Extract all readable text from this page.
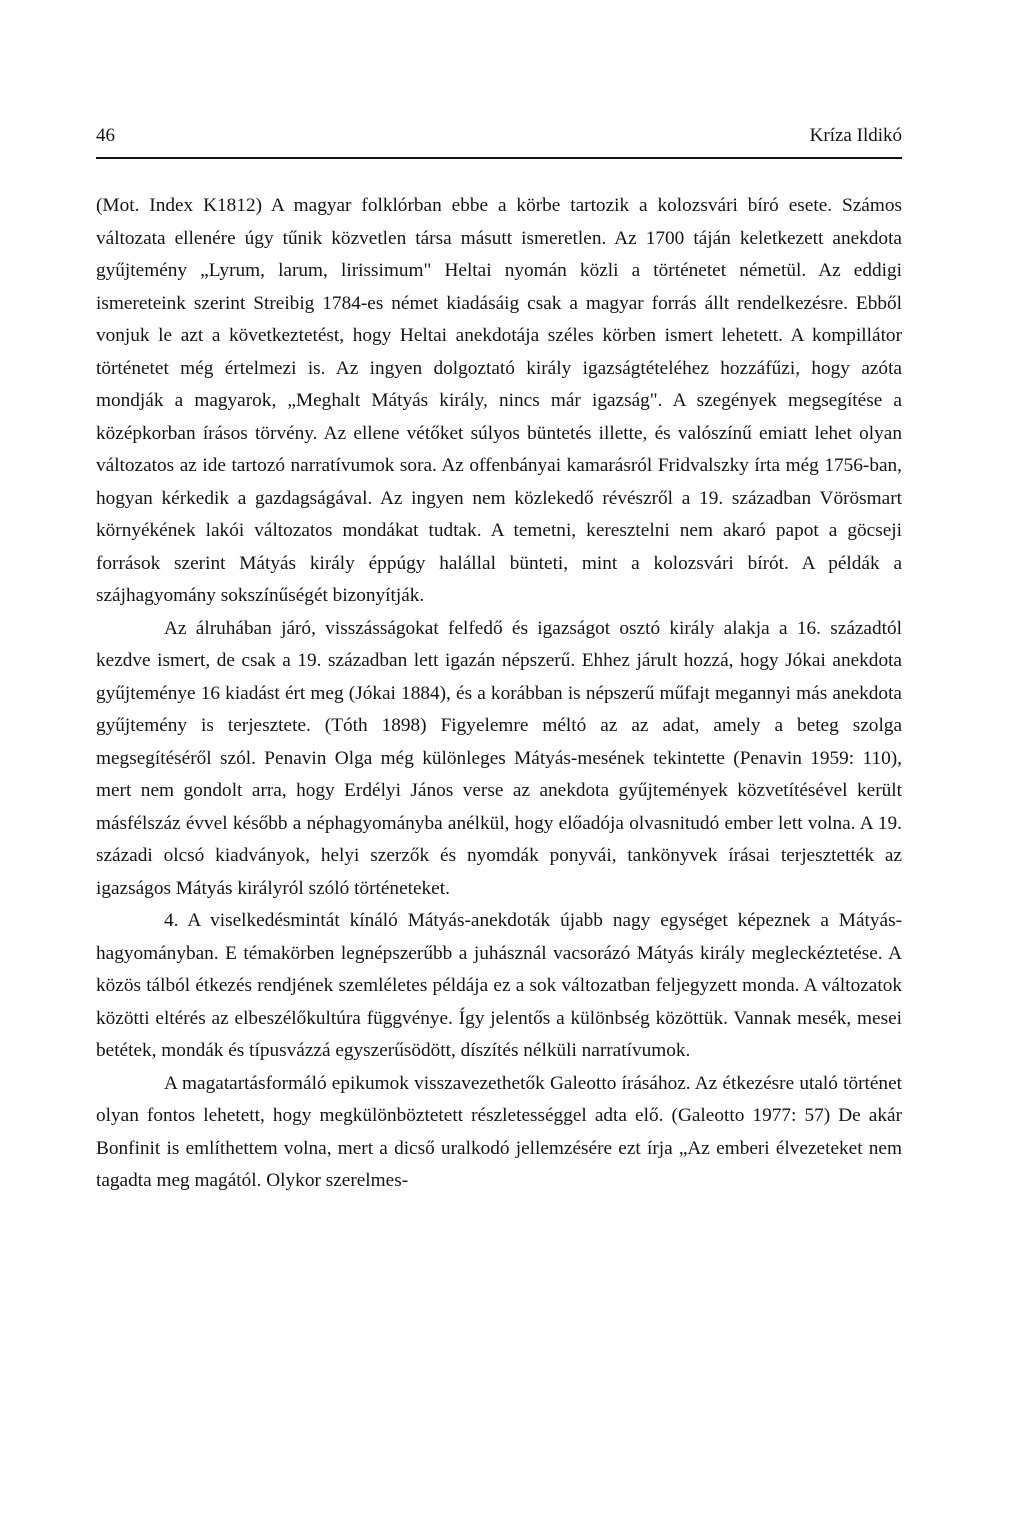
46	Kríza Ildikó

(Mot. Index K1812) A magyar folklórban ebbe a körbe tartozik a kolozsvári bíró esete. Számos változata ellenére úgy tűnik közvetlen társa másutt ismeretlen. Az 1700 táján keletkezett anekdota gyűjtemény „Lyrum, larum, lirissimum" Heltai nyomán közli a történetet németül. Az eddigi ismereteink szerint Streibig 1784-es német kiadásáig csak a magyar forrás állt rendelkezésre. Ebből vonjuk le azt a következtetést, hogy Heltai anekdotája széles körben ismert lehetett. A kompillátor történetet még értelmezi is. Az ingyen dolgoztató király igazságtételéhez hozzáfűzi, hogy azóta mondják a magyarok, „Meghalt Mátyás király, nincs már igazság". A szegények megsegítése a középkorban írásos törvény. Az ellene vétőket súlyos büntetés illette, és valószínű emiatt lehet olyan változatos az ide tartozó narratívumok sora. Az offenbányai kamarásról Fridvalszky írta még 1756-ban, hogyan kérkedik a gazdagságával. Az ingyen nem közlekedő révészről a 19. században Vörösmart környékének lakói változatos mondákat tudtak. A temetni, keresztelni nem akaró papot a göcseji források szerint Mátyás király éppúgy halállal bünteti, mint a kolozsvári bírót. A példák a szájhagyomány sokszínűségét bizonyítják.

Az álruhában járó, visszásságokat felfedő és igazságot osztó király alakja a 16. századtól kezdve ismert, de csak a 19. században lett igazán népszerű. Ehhez járult hozzá, hogy Jókai anekdota gyűjteménye 16 kiadást ért meg (Jókai 1884), és a korábban is népszerű műfajt megannyi más anekdota gyűjtemény is terjesztete. (Tóth 1898) Figyelemre méltó az az adat, amely a beteg szolga megsegítéséről szól. Penavin Olga még különleges Mátyás-mesének tekintette (Penavin 1959: 110), mert nem gondolt arra, hogy Erdélyi János verse az anekdota gyűjtemények közvetítésével került másfélszáz évvel később a néphagyományba anélkül, hogy előadója olvasnitudó ember lett volna. A 19. századi olcsó kiadványok, helyi szerzők és nyomdák ponyvái, tankönyvek írásai terjesztették az igazságos Mátyás királyról szóló történeteket.

4. A viselkedésmintát kínáló Mátyás-anekdoták újabb nagy egységet képeznek a Mátyás-hagyományban. E témakörben legnépszerűbb a juhásznál vacsorázó Mátyás király megleckéztetése. A közös tálból étkezés rendjének szemléletes példája ez a sok változatban feljegyzett monda. A változatok közötti eltérés az elbeszélőkultúra függvénye. Így jelentős a különbség közöttük. Vannak mesék, mesei betétek, mondák és típusvázzá egyszerűsödött, díszítés nélküli narratívumok.

A magatartásformáló epikumok visszavezethetők Galeotto írásához. Az étkezésre utaló történet olyan fontos lehetett, hogy megkülönböztetett részletességgel adta elő. (Galeotto 1977: 57) De akár Bonfinit is említhettem volna, mert a dicső uralkodó jellemzésére ezt írja „Az emberi élvezeteket nem tagadta meg magától. Olykor szerelmes-
